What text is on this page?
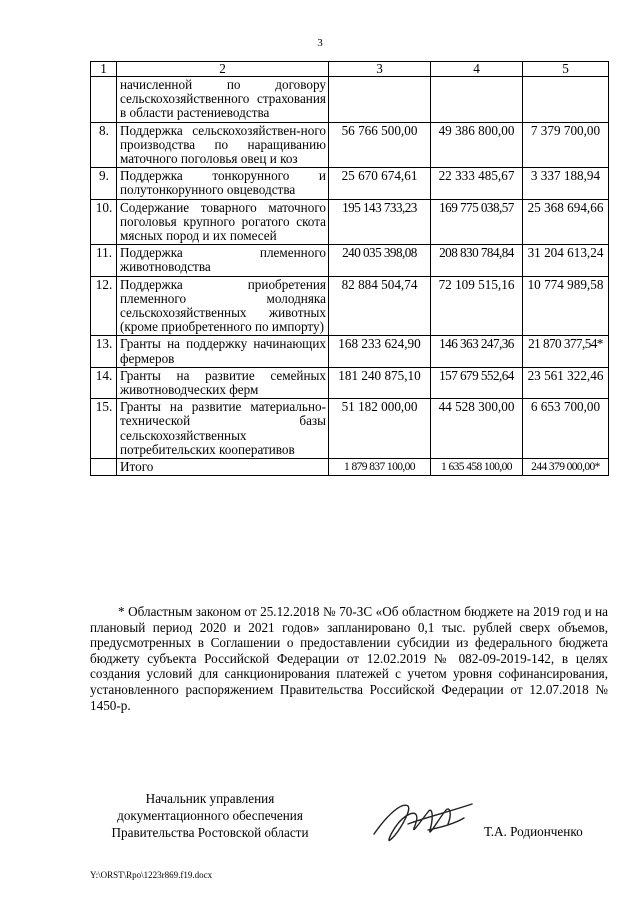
3
1	2	3	4	5
	начисленной по договору сельскохозяйственного страхования в области растениеводства			
8.	Поддержка сельскохозяйствен-ного производства по наращиванию маточного поголовья овец и коз	56 766 500,00	49 386 800,00	7 379 700,00
9.	Поддержка тонкорунного и полутонкорунного овцеводства	25 670 674,61	22 333 485,67	3 337 188,94
10.	Содержание товарного маточного поголовья крупного рогатого скота мясных пород и их помесей	195 143 733,23	169 775 038,57	25 368 694,66
11.	Поддержка племенного животноводства	240 035 398,08	208 830 784,84	31 204 613,24
12.	Поддержка приобретения племенного молодняка сельскохозяйственных животных (кроме приобретенного по импорту)	82 884 504,74	72 109 515,16	10 774 989,58
13.	Гранты на поддержку начинающих фермеров	168 233 624,90	146 363 247,36	21 870 377,54*
14.	Гранты на развитие семейных животноводческих ферм	181 240 875,10	157 679 552,64	23 561 322,46
15.	Гранты на развитие материально-технической базы сельскохозяйственных потребительских кооперативов	51 182 000,00	44 528 300,00	6 653 700,00
	Итого	1 879 837 100,00	1 635 458 100,00	244 379 000,00*
* Областным законом от 25.12.2018 № 70-ЗС «Об областном бюджете на 2019 год и на плановый период 2020 и 2021 годов» запланировано 0,1 тыс. рублей сверх объемов, предусмотренных в Соглашении о предоставлении субсидии из федерального бюджета бюджету субъекта Российской Федерации от 12.02.2019 № 082-09-2019-142, в целях создания условий для санкционирования платежей с учетом уровня софинансирования, установленного распоряжением Правительства Российской Федерации от 12.07.2018 № 1450-р.
Начальник управления
документационного обеспечения
Правительства Ростовской области	Т.А. Родионченко
Y:\ORST\Rpo\1223r869.f19.docx
